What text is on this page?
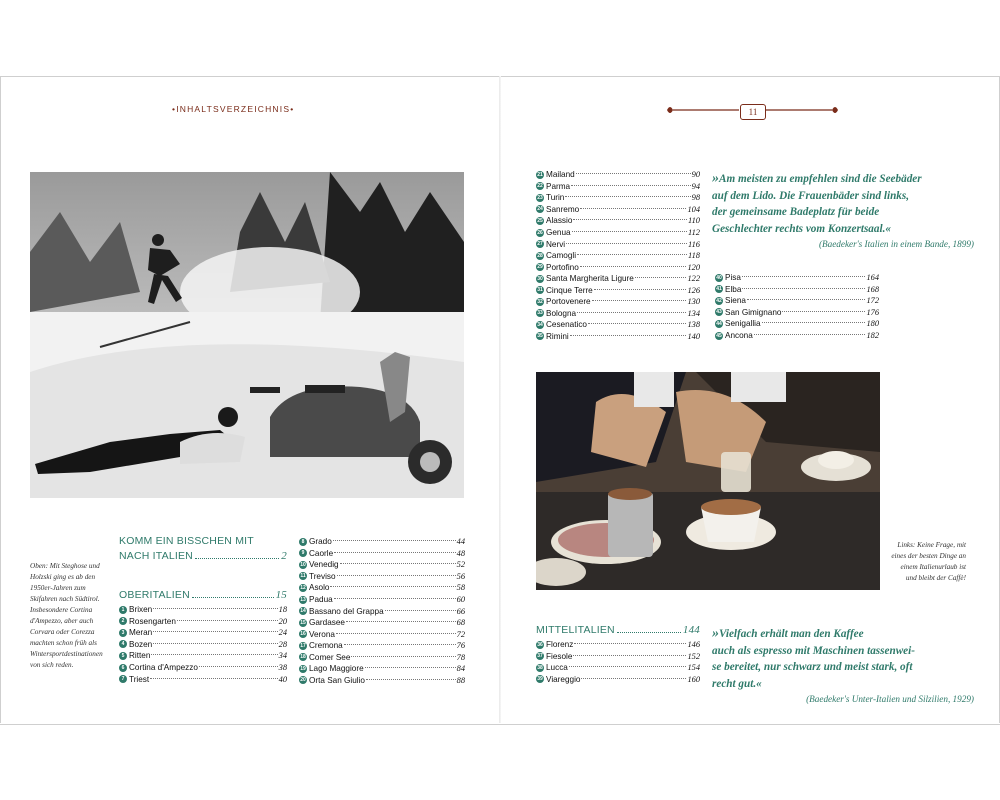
•INHALTSVERZEICHNIS•	11
Oben: Mit Steghose und Holzski ging es ab den 1950er-Jahren zum Skifahren nach Südtirol. Insbesondere Cortina d'Ampezzo, aber auch Corvara oder Corezza machten schon früh als Wintersportdestinationen von sich reden.
KOMM EIN BISSCHEN MIT
NACH ITALIEN	2
OBERITALIEN	15
1 Brixen	18
2 Rosengarten	20
3 Meran	24
4 Bozen	28
5 Ritten	34
6 Cortina d'Ampezzo	38
7 Triest	40
8 Grado	44
9 Caorle	48
10 Venedig	52
11 Treviso	56
12 Asolo	58
13 Padua	60
14 Bassano del Grappa	66
15 Gardasee	68
16 Verona	72
17 Cremona	76
18 Comer See	78
19 Lago Maggiore	84
20 Orta San Giulio	88
21 Mailand	90
22 Parma	94
23 Turin	98
24 Sanremo	104
25 Alassio	110
26 Genua	112
27 Nervi	116
28 Camogli	118
29 Portofino	120
30 Santa Margherita Ligure	122
31 Cinque Terre	126
32 Portovenere	130
33 Bologna	134
34 Cesenatico	138
35 Rimini	140
»Am meisten zu empfehlen sind die Seebäder
auf dem Lido. Die Frauenbäder sind links,
der gemeinsame Badeplatz für beide
Geschlechter rechts vom Konzertsaal.«
(Baedeker's Italien in einem Bande, 1899)
40 Pisa	164
41 Elba	168
42 Siena	172
43 San Gimignano	176
44 Senigallia	180
45 Ancona	182
Links: Keine Frage, mit eines der besten Dinge an einem Italienurlaub ist und bleibt der Caffè!
MITTELITALIEN	144
36 Florenz	146
37 Fiesole	152
38 Lucca	154
39 Viareggio	160
»Vielfach erhält man den Kaffee
auch als espresso mit Maschinen tassenwei-
se bereitet, nur schwarz und meist stark, oft
recht gut.«
(Baedeker's Unter-Italien und Silzilien, 1929)
